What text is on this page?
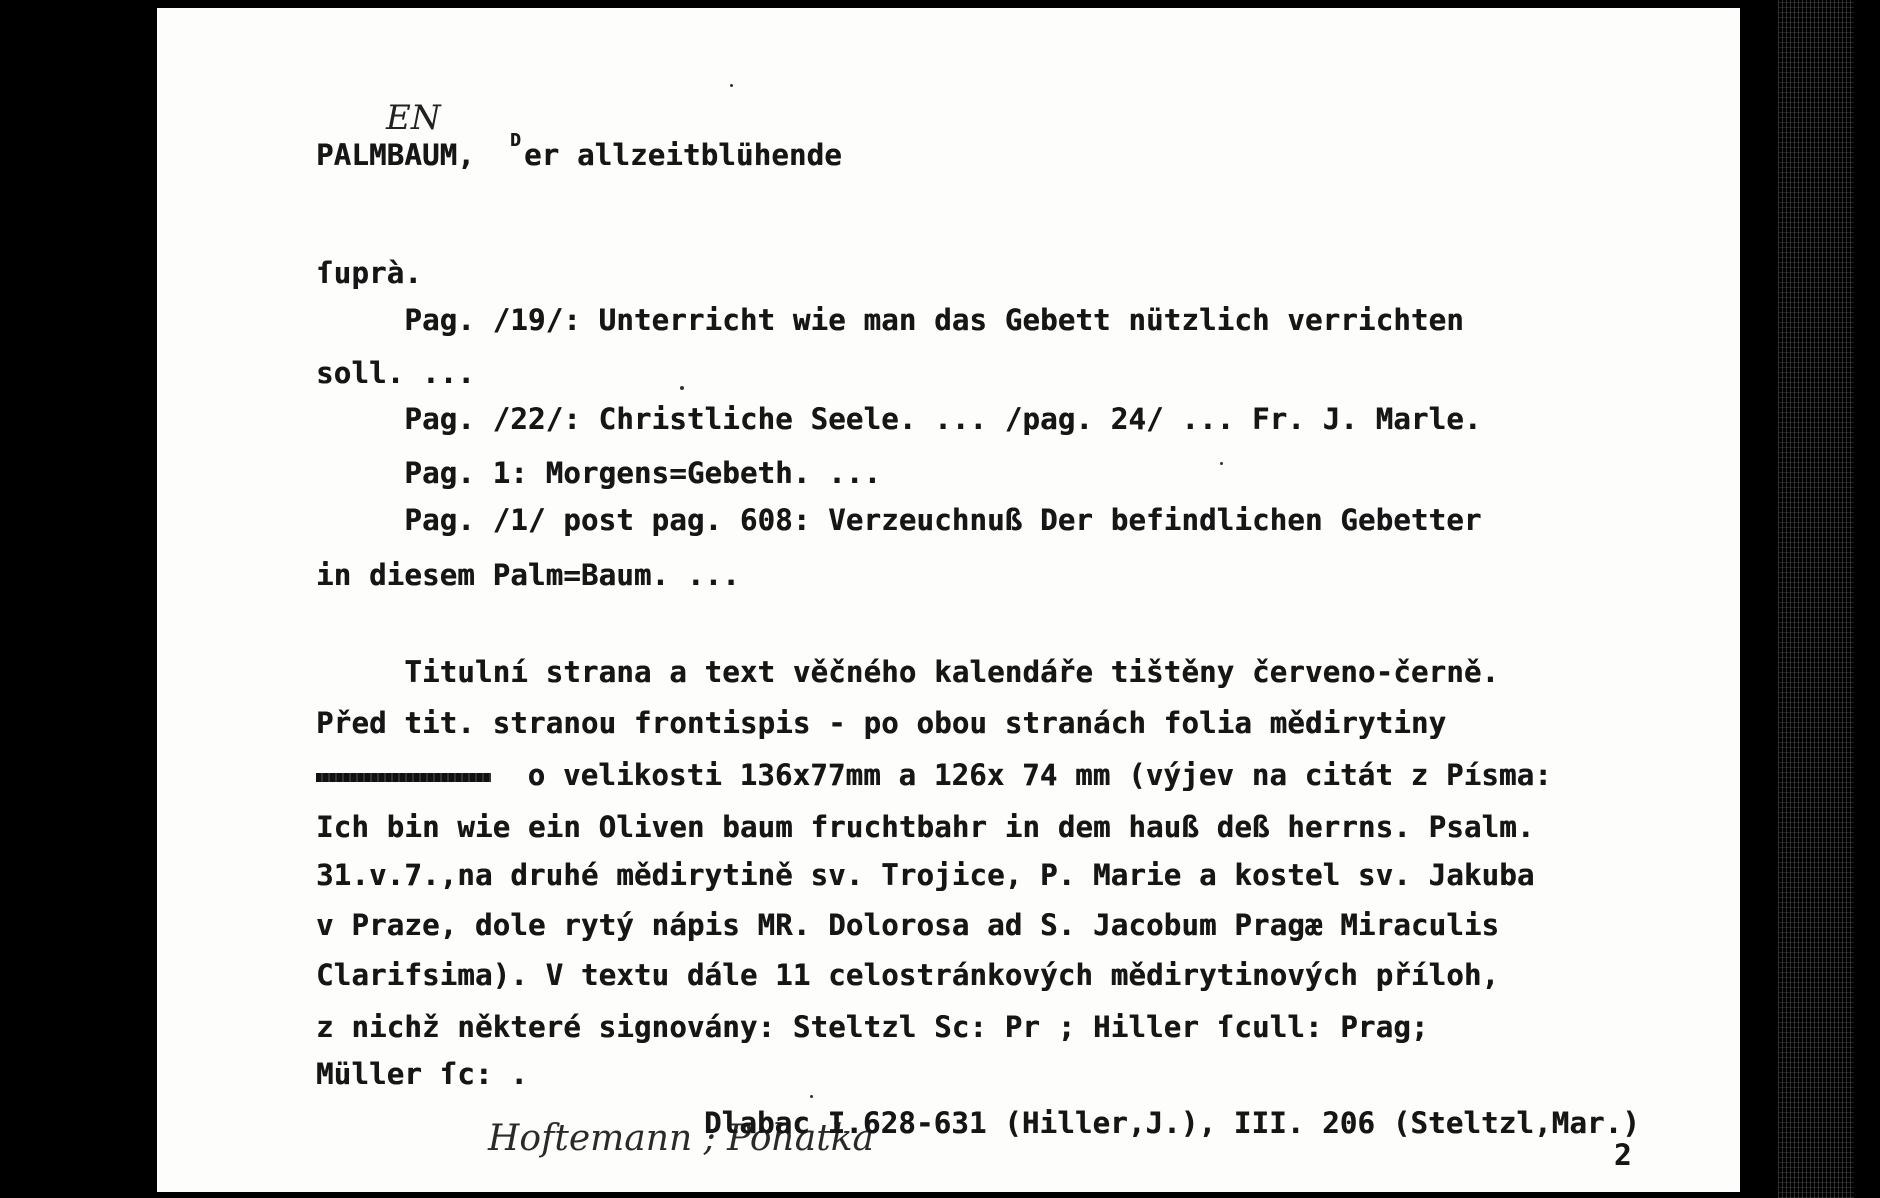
EN
PALMBAUM, D er allzeitblühende
ſuprà.
Pag. /19/: Unterricht wie man das Gebett nützlich verrichten
soll. ...
Pag. /22/: Christliche Seele. ... /pag. 24/ ... Fr. J. Marle.
Pag. 1: Morgens=Gebeth. ...
Pag. /1/ post pag. 608: Verzeuchnuß Der befindlichen Gebetter
in diesem Palm=Baum. ...
Titulní strana a text věčného kalendáře tištěny červeno-černě.
Před tit. stranou frontispis - po obou stranách folia mědirytiny
o velikosti 136x77mm a 126x 74 mm (výjev na citát z Písma:
Ich bin wie ein Oliven baum fruchtbahr in dem hauß deß herrns. Psalm.
31.v.7.,na druhé mědirytině sv. Trojice, P. Marie a kostel sv. Jakuba
v Praze, dole rytý nápis MR. Dolorosa ad S. Jacobum Pragæ Miraculis
Clarifsima). V textu dále 11 celostránkových mědirytinových příloh,
z nichž některé signovány: Steltzl Sc: Pr ; Hiller ſcull: Prag;
Müller ſc: .
Hoftemann ; Pohatka
Dlabac I.628-631 (Hiller,J.), III. 206 (Steltzl,Mar.)
2
